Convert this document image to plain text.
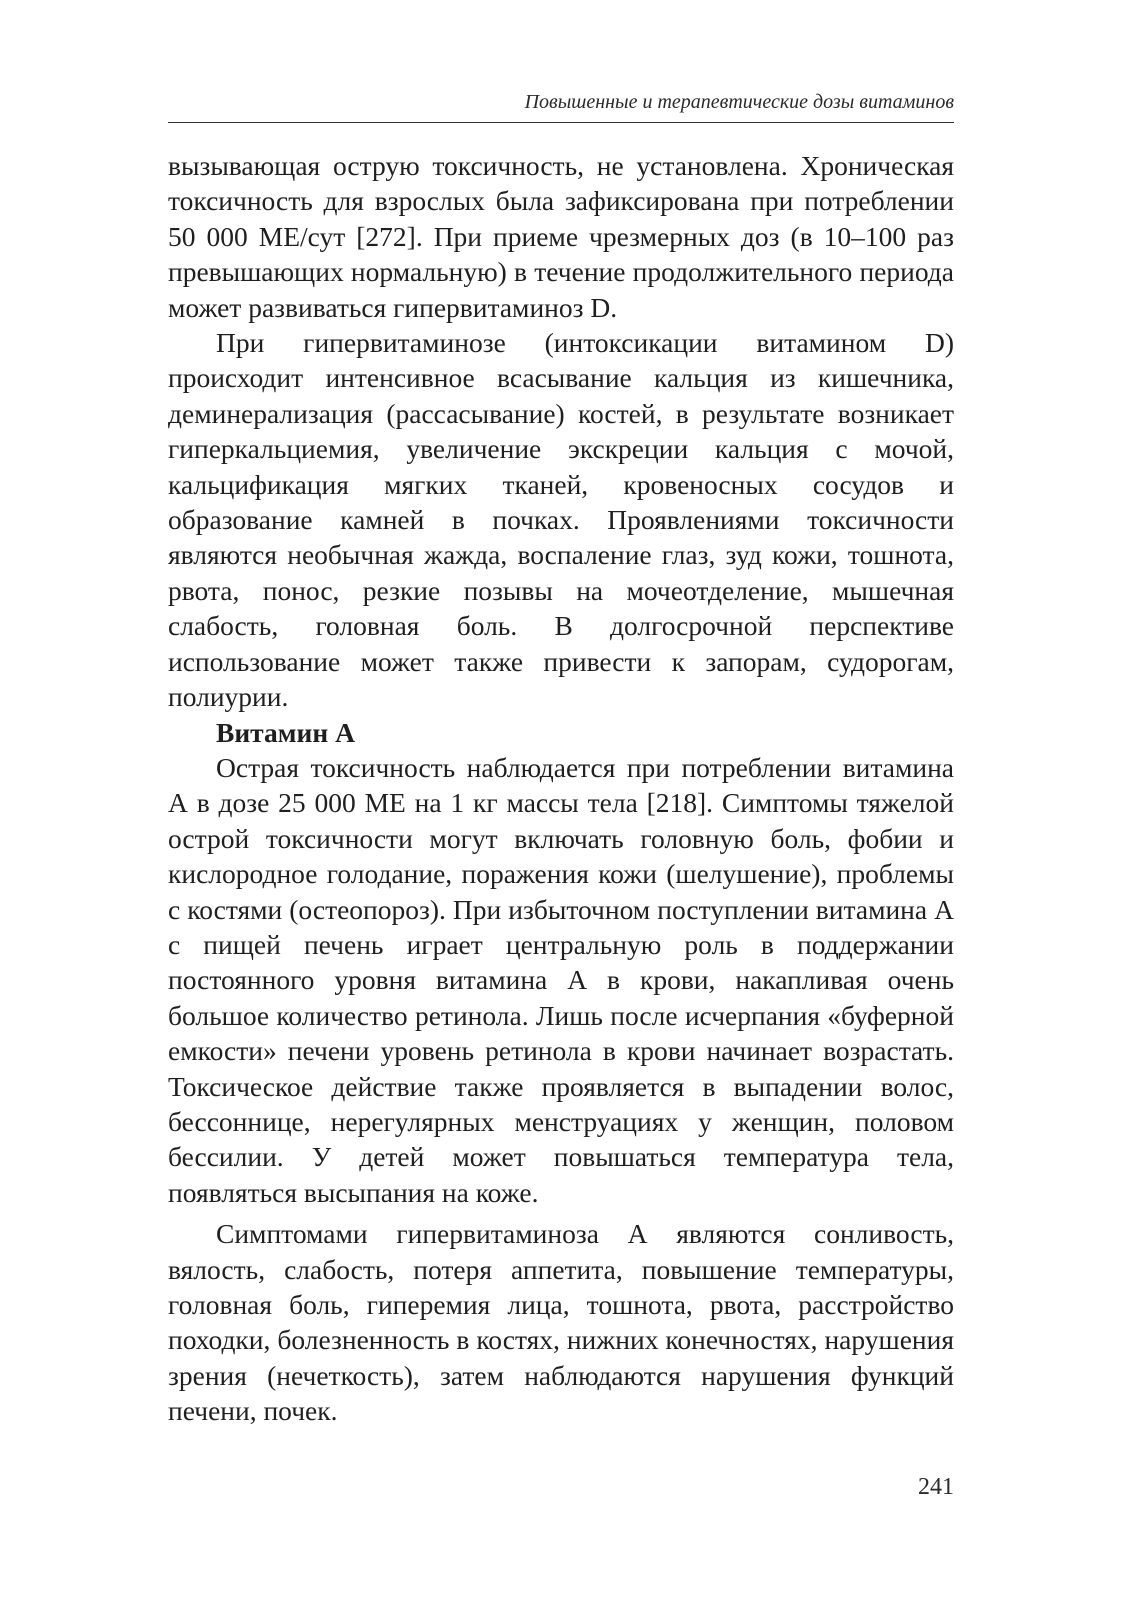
Повышенные и терапевтические дозы витаминов

вызывающая острую токсичность, не установлена. Хроническая токсичность для взрослых была зафиксирована при потреблении 50 000 МЕ/сут [272]. При приеме чрезмерных доз (в 10–100 раз превышающих нормальную) в течение продолжительного периода может развиваться гипервитаминоз D.

При гипервитаминозе (интоксикации витамином D) происходит интенсивное всасывание кальция из кишечника, деминерализация (рассасывание) костей, в результате возникает гиперкальциемия, увеличение экскреции кальция с мочой, кальцификация мягких тканей, кровеносных сосудов и образование камней в почках. Проявлениями токсичности являются необычная жажда, воспаление глаз, зуд кожи, тошнота, рвота, понос, резкие позывы на мочеотделение, мышечная слабость, головная боль. В долгосрочной перспективе использование может также привести к запорам, судорогам, полиурии.

Витамин А

Острая токсичность наблюдается при потреблении витамина А в дозе 25 000 МЕ на 1 кг массы тела [218]. Симптомы тяжелой острой токсичности могут включать головную боль, фобии и кислородное голодание, поражения кожи (шелушение), проблемы с костями (остеопороз). При избыточном поступлении витамина А с пищей печень играет центральную роль в поддержании постоянного уровня витамина А в крови, накапливая очень большое количество ретинола. Лишь после исчерпания «буферной емкости» печени уровень ретинола в крови начинает возрастать. Токсическое действие также проявляется в выпадении волос, бессоннице, нерегулярных менструациях у женщин, половом бессилии. У детей может повышаться температура тела, появляться высыпания на коже.

Симптомами гипервитаминоза А являются сонливость, вялость, слабость, потеря аппетита, повышение температуры, головная боль, гиперемия лица, тошнота, рвота, расстройство походки, болезненность в костях, нижних конечностях, нарушения зрения (нечеткость), затем наблюдаются нарушения функций печени, почек.

241
